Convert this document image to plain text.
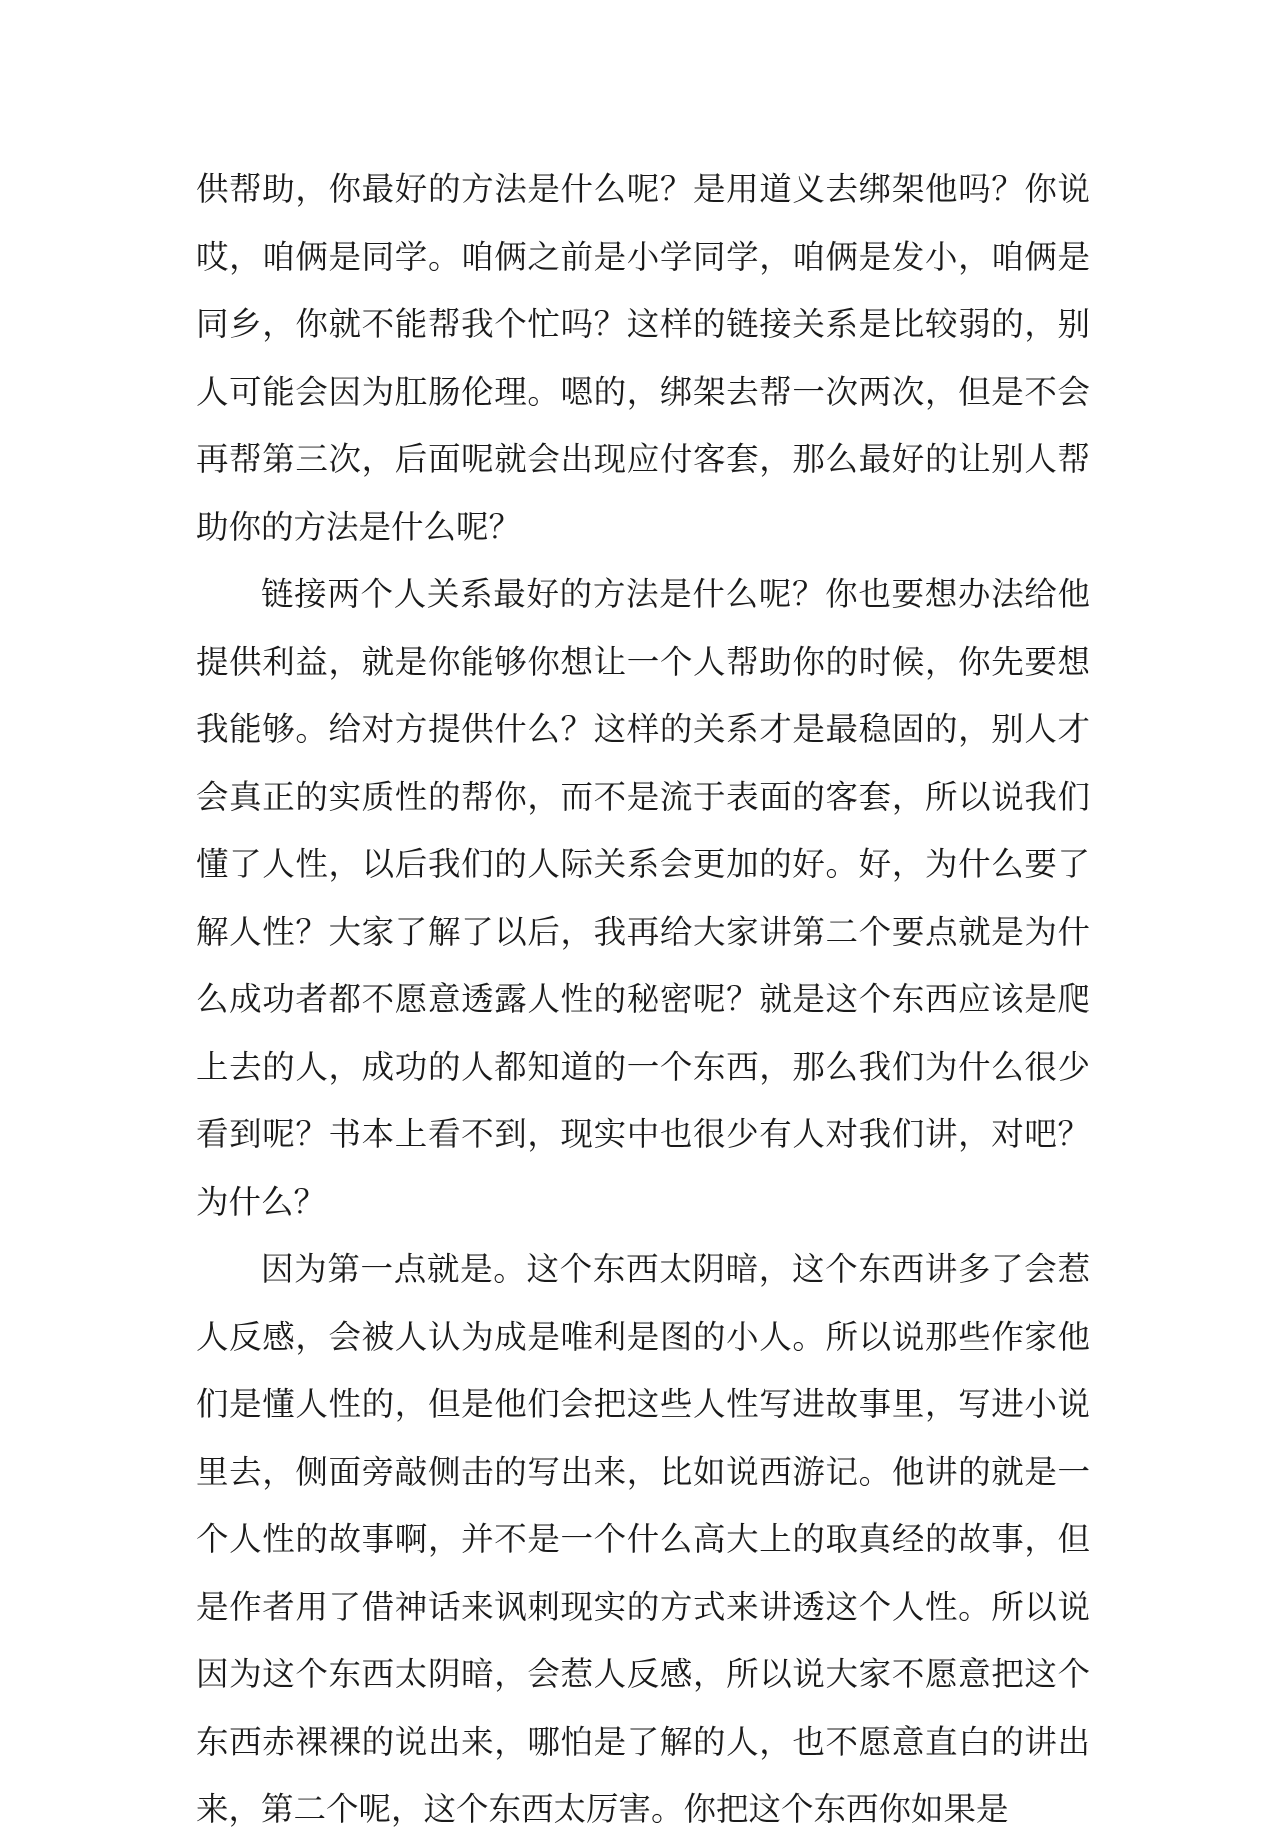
供帮助，你最好的方法是什么呢？是用道义去绑架他吗？你说哎，咱俩是同学。咱俩之前是小学同学，咱俩是发小，咱俩是同乡，你就不能帮我个忙吗？这样的链接关系是比较弱的，别人可能会因为肛肠伦理。嗯的，绑架去帮一次两次，但是不会再帮第三次，后面呢就会出现应付客套，那么最好的让别人帮助你的方法是什么呢？

链接两个人关系最好的方法是什么呢？你也要想办法给他提供利益，就是你能够你想让一个人帮助你的时候，你先要想我能够。给对方提供什么？这样的关系才是最稳固的，别人才会真正的实质性的帮你，而不是流于表面的客套，所以说我们懂了人性，以后我们的人际关系会更加的好。好，为什么要了解人性？大家了解了以后，我再给大家讲第二个要点就是为什么成功者都不愿意透露人性的秘密呢？就是这个东西应该是爬上去的人，成功的人都知道的一个东西，那么我们为什么很少看到呢？书本上看不到，现实中也很少有人对我们讲，对吧？为什么？

因为第一点就是。这个东西太阴暗，这个东西讲多了会惹人反感，会被人认为成是唯利是图的小人。所以说那些作家他们是懂人性的，但是他们会把这些人性写进故事里，写进小说里去，侧面旁敲侧击的写出来，比如说西游记。他讲的就是一个人性的故事啊，并不是一个什么高大上的取真经的故事，但是作者用了借神话来讽刺现实的方式来讲透这个人性。所以说因为这个东西太阴暗，会惹人反感，所以说大家不愿意把这个东西赤裸裸的说出来，哪怕是了解的人，也不愿意直白的讲出来，第二个呢，这个东西太厉害。你把这个东西你如果是
